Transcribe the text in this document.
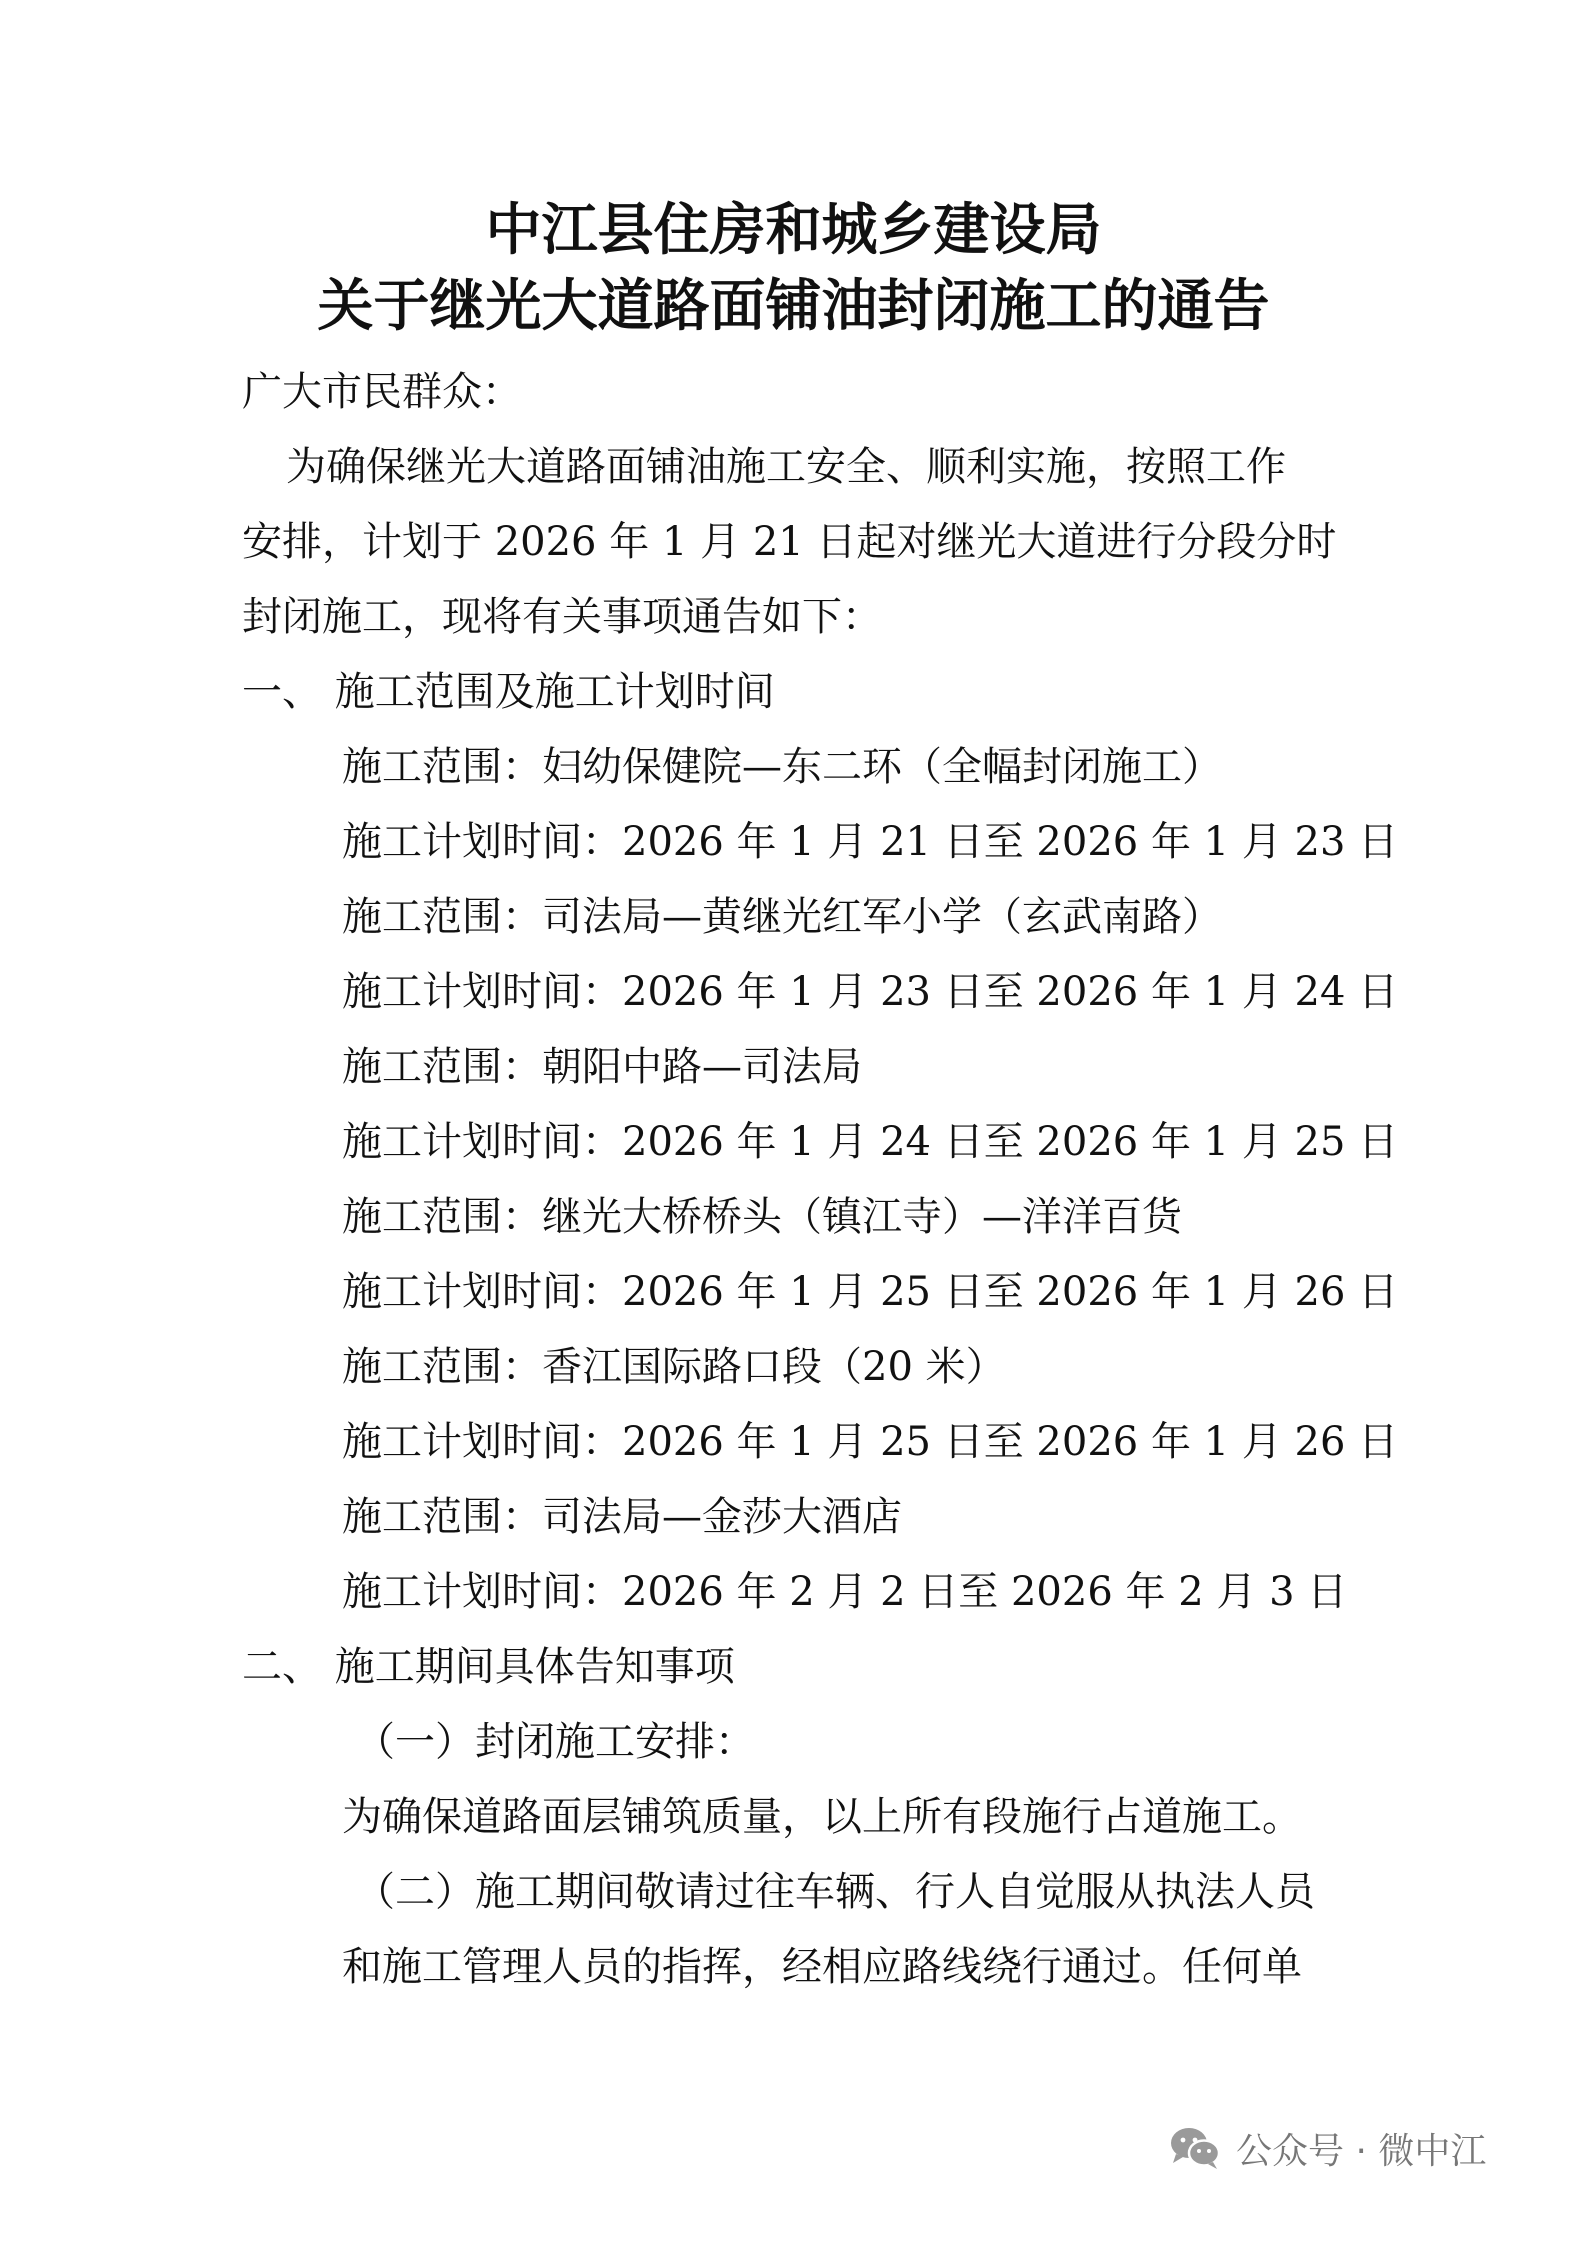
中江县住房和城乡建设局
关于继光大道路面铺油封闭施工的通告
广大市民群众：
为确保继光大道路面铺油施工安全、顺利实施，按照工作
安排，计划于 2026 年 1 月 21 日起对继光大道进行分段分时
封闭施工，现将有关事项通告如下：
一、 施工范围及施工计划时间
施工范围：妇幼保健院—东二环（全幅封闭施工）
施工计划时间：2026 年 1 月 21 日至 2026 年 1 月 23 日
施工范围：司法局—黄继光红军小学（玄武南路）
施工计划时间：2026 年 1 月 23 日至 2026 年 1 月 24 日
施工范围：朝阳中路—司法局
施工计划时间：2026 年 1 月 24 日至 2026 年 1 月 25 日
施工范围：继光大桥桥头（镇江寺）—洋洋百货
施工计划时间：2026 年 1 月 25 日至 2026 年 1 月 26 日
施工范围：香江国际路口段（20 米）
施工计划时间：2026 年 1 月 25 日至 2026 年 1 月 26 日
施工范围：司法局—金莎大酒店
施工计划时间：2026 年 2 月 2 日至 2026 年 2 月 3 日
二、 施工期间具体告知事项
（一）封闭施工安排：
为确保道路面层铺筑质量，以上所有段施行占道施工。
（二）施工期间敬请过往车辆、行人自觉服从执法人员
和施工管理人员的指挥，经相应路线绕行通过。任何单
公众号 · 微中江
